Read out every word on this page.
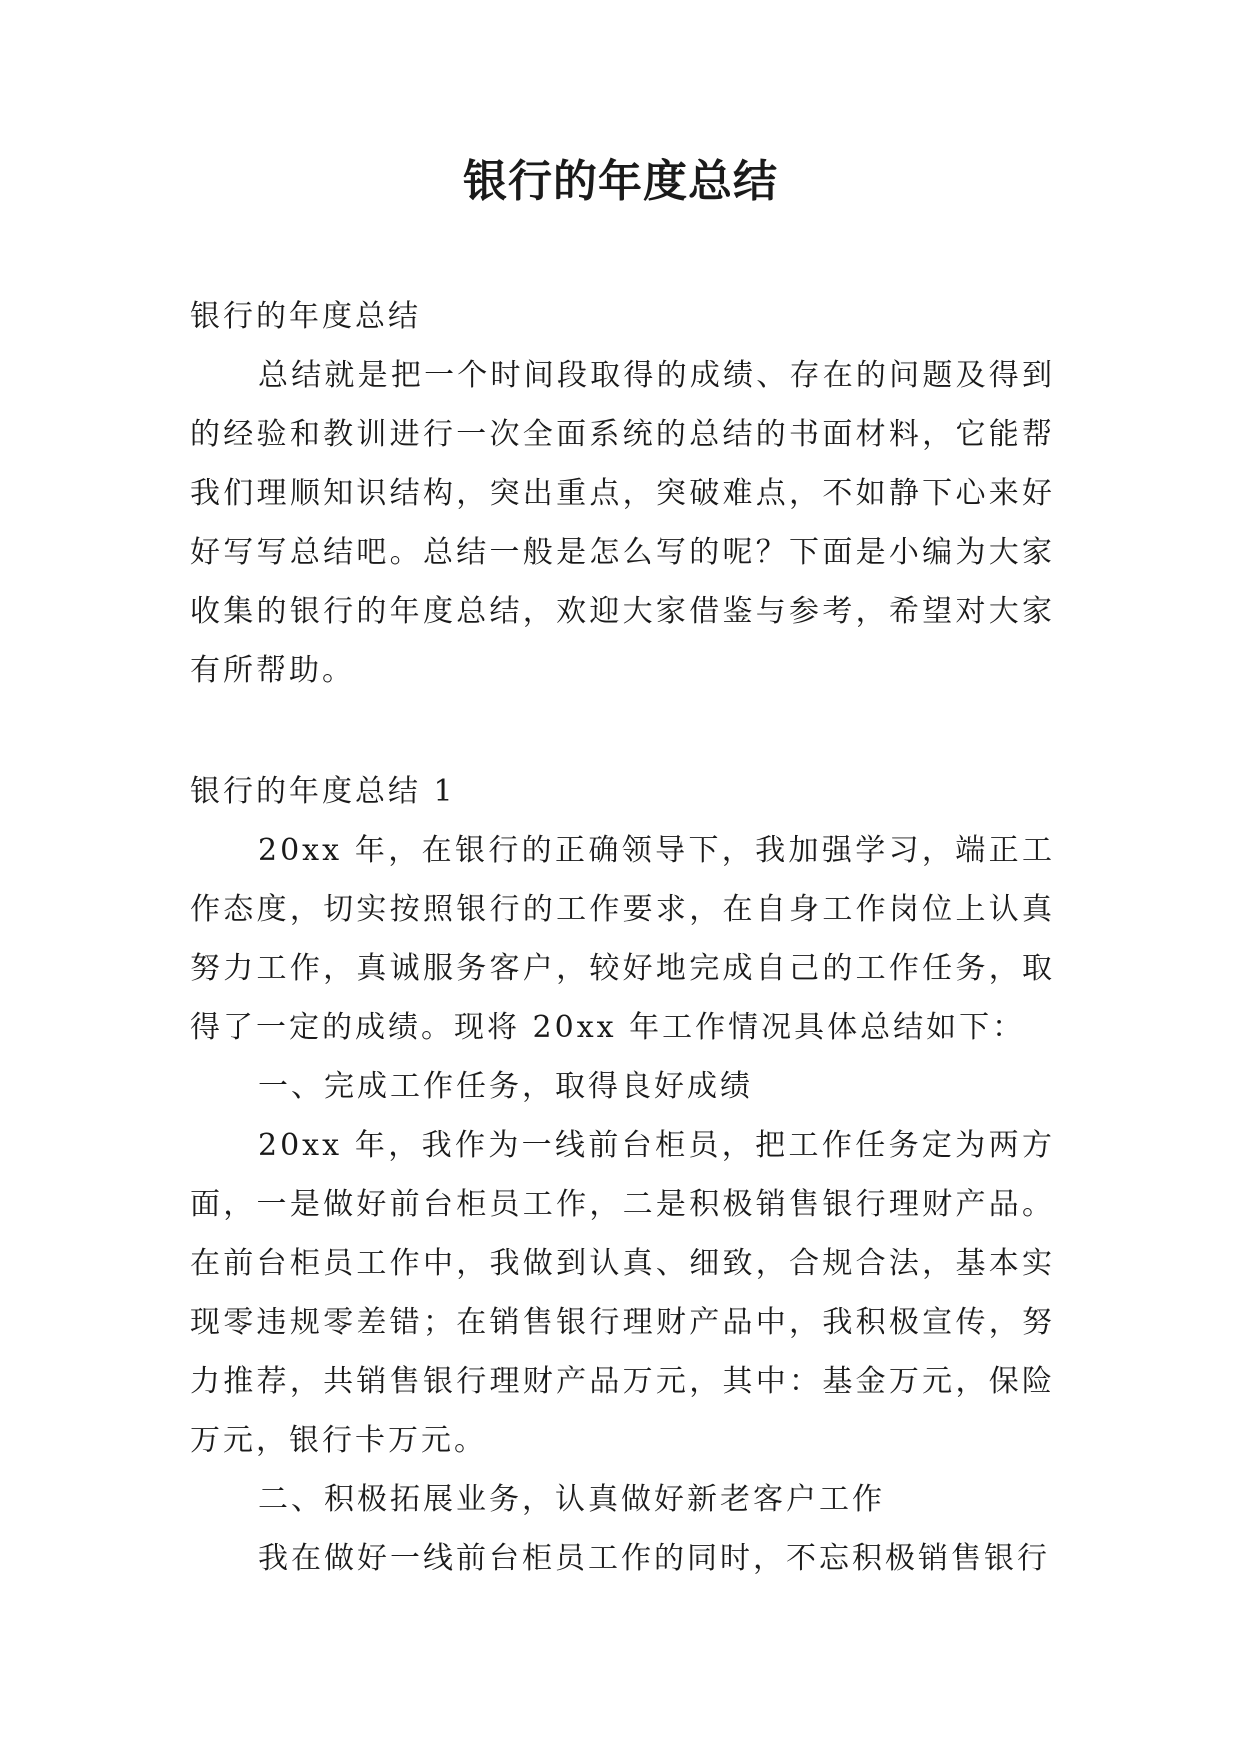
银行的年度总结

银行的年度总结

总结就是把一个时间段取得的成绩、存在的问题及得到的经验和教训进行一次全面系统的总结的书面材料，它能帮我们理顺知识结构，突出重点，突破难点，不如静下心来好好写写总结吧。总结一般是怎么写的呢？下面是小编为大家收集的银行的年度总结，欢迎大家借鉴与参考，希望对大家有所帮助。

银行的年度总结 1

20xx 年，在银行的正确领导下，我加强学习，端正工作态度，切实按照银行的工作要求，在自身工作岗位上认真努力工作，真诚服务客户，较好地完成自己的工作任务，取得了一定的成绩。现将 20xx 年工作情况具体总结如下：

一、完成工作任务，取得良好成绩

20xx 年，我作为一线前台柜员，把工作任务定为两方面，一是做好前台柜员工作，二是积极销售银行理财产品。在前台柜员工作中，我做到认真、细致，合规合法，基本实现零违规零差错；在销售银行理财产品中，我积极宣传，努力推荐，共销售银行理财产品万元，其中：基金万元，保险万元，银行卡万元。

二、积极拓展业务，认真做好新老客户工作

我在做好一线前台柜员工作的同时，不忘积极销售银行
